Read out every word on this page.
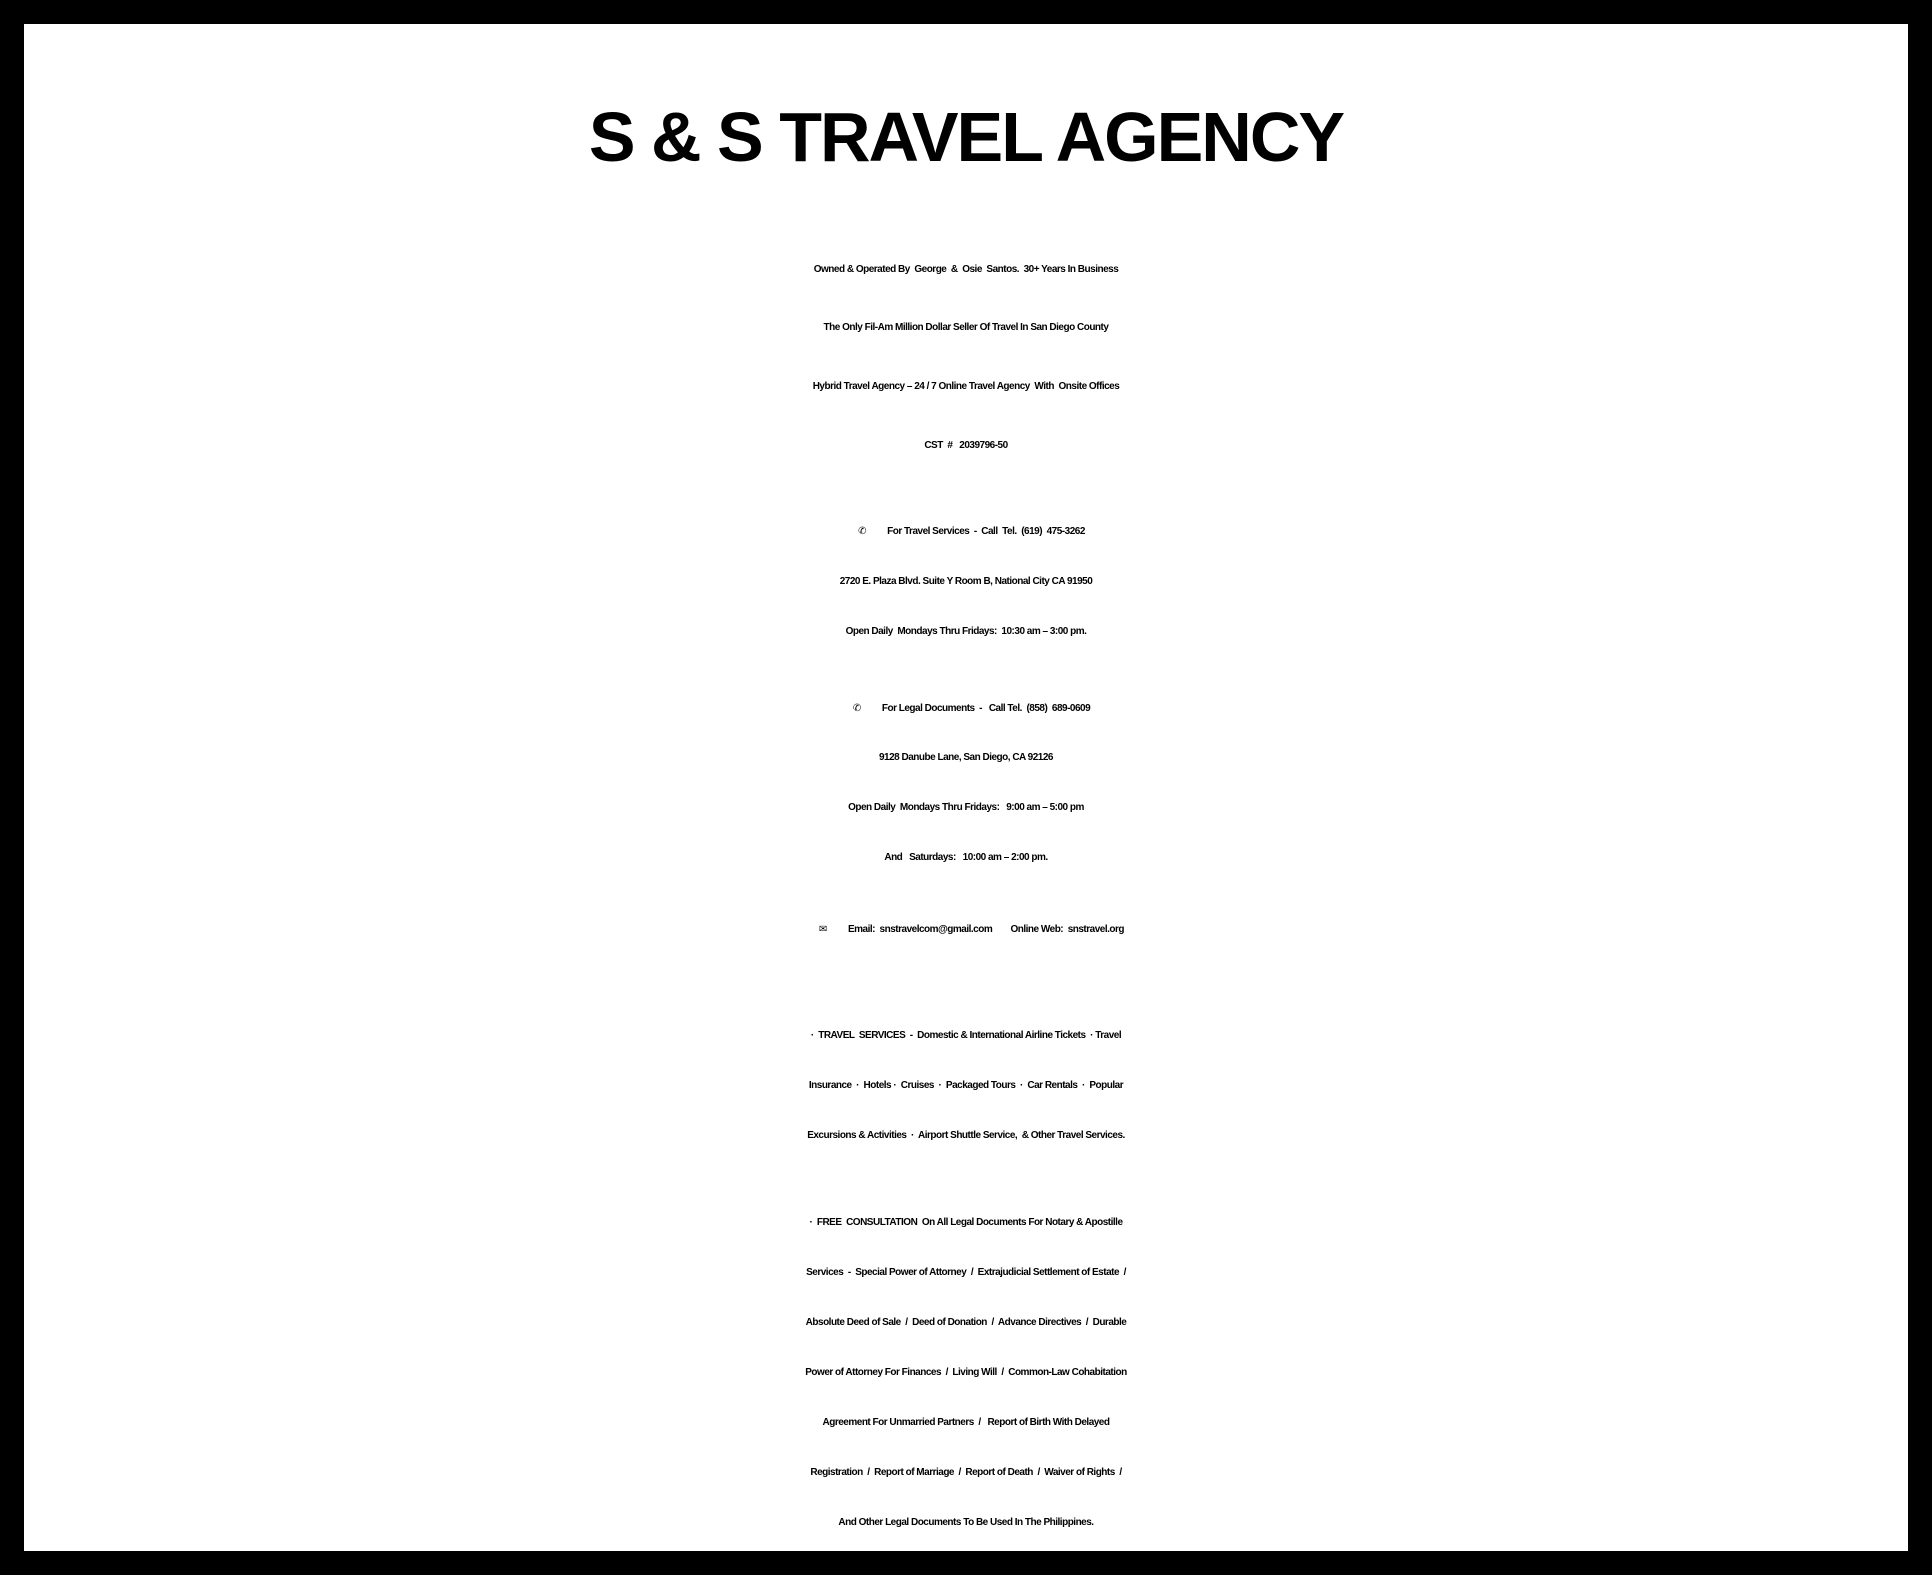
S & S TRAVEL AGENCY
Owned & Operated By  George  &  Osie  Santos.  30+ Years In Business
The Only Fil-Am Million Dollar Seller Of Travel In San Diego County
Hybrid Travel Agency – 24 / 7 Online Travel Agency  With  Onsite Offices
CST  #   2039796-50
✆ For Travel Services  -  Call  Tel.  (619)  475-3262
2720 E. Plaza Blvd. Suite Y Room B, National City CA 91950
Open Daily  Mondays Thru Fridays:  10:30 am – 3:00 pm.
✆ For Legal Documents  -   Call Tel.  (858)  689-0609
9128 Danube Lane, San Diego, CA 92126
Open Daily  Mondays Thru Fridays:   9:00 am – 5:00 pm
And   Saturdays:   10:00 am – 2:00 pm.
✉ Email:  snstravelcom@gmail.com Online Web:  snstravel.org
·  TRAVEL  SERVICES  -  Domestic & International Airline Tickets  · Travel
Insurance  ·  Hotels ·  Cruises  ·  Packaged Tours  ·  Car Rentals  ·  Popular
Excursions & Activities  ·  Airport Shuttle Service,  & Other Travel Services.
·  FREE  CONSULTATION  On All Legal Documents For Notary & Apostille
Services  -  Special Power of Attorney  /  Extrajudicial Settlement of Estate  /
Absolute Deed of Sale  /  Deed of Donation  /  Advance Directives  /  Durable
Power of Attorney For Finances  /  Living Will  /  Common-Law Cohabitation
Agreement For Unmarried Partners  /   Report of Birth With Delayed
Registration  /  Report of Marriage  /  Report of Death  /  Waiver of Rights  /
And Other Legal Documents To Be Used In The Philippines.
